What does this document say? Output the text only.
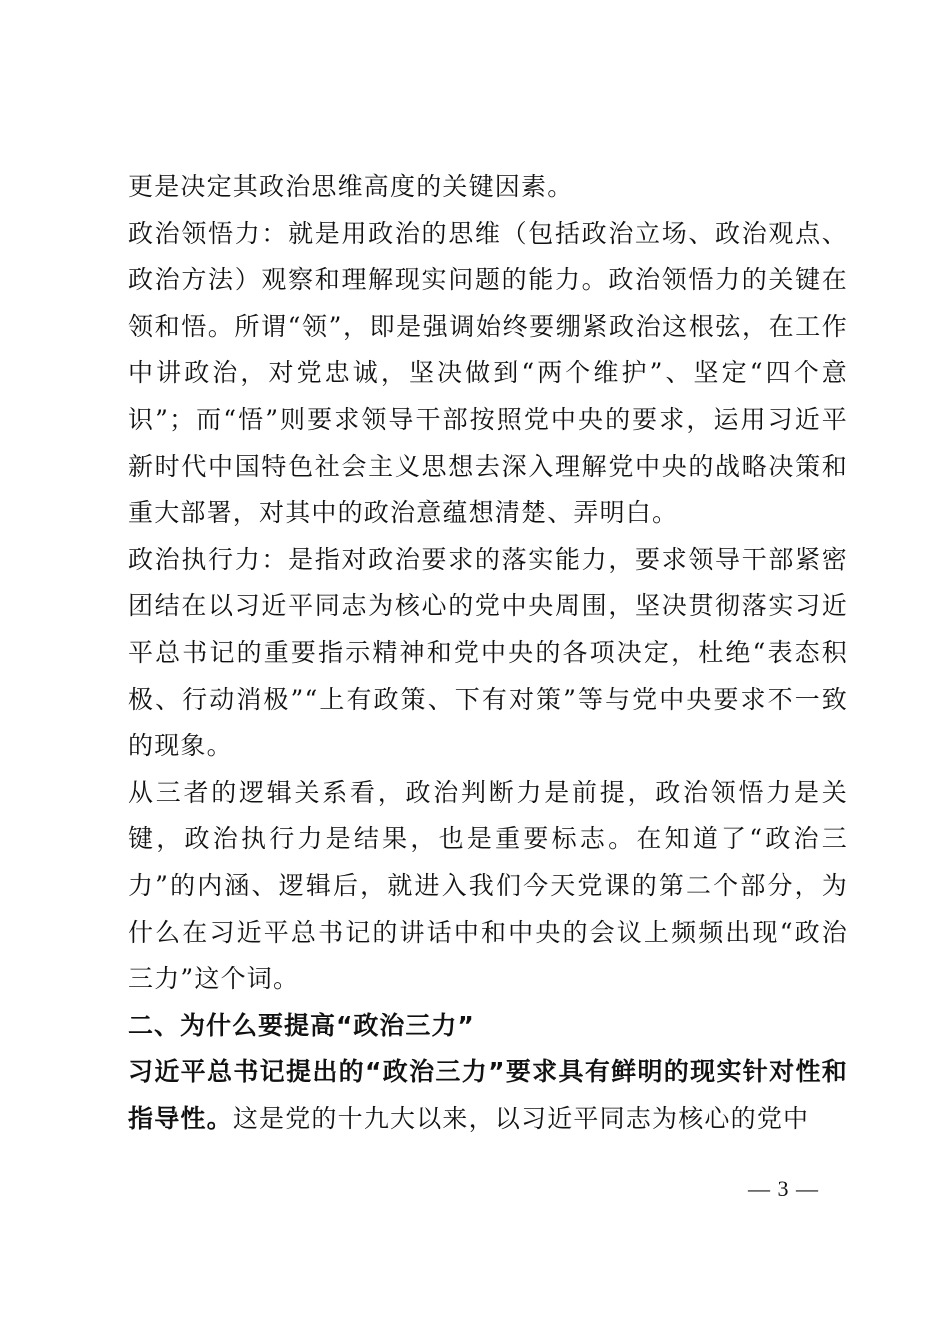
更是决定其政治思维高度的关键因素。

政治领悟力：就是用政治的思维（包括政治立场、政治观点、政治方法）观察和理解现实问题的能力。政治领悟力的关键在领和悟。所谓“领”，即是强调始终要绷紧政治这根弦，在工作中讲政治，对党忠诚，坚决做到“两个维护”、坚定“四个意识”；而“悟”则要求领导干部按照党中央的要求，运用习近平新时代中国特色社会主义思想去深入理解党中央的战略决策和重大部署，对其中的政治意蕴想清楚、弄明白。

政治执行力：是指对政治要求的落实能力，要求领导干部紧密团结在以习近平同志为核心的党中央周围，坚决贯彻落实习近平总书记的重要指示精神和党中央的各项决定，杜绝“表态积极、行动消极”“上有政策、下有对策”等与党中央要求不一致的现象。

从三者的逻辑关系看，政治判断力是前提，政治领悟力是关键，政治执行力是结果，也是重要标志。在知道了“政治三力”的内涵、逻辑后，就进入我们今天党课的第二个部分，为什么在习近平总书记的讲话中和中央的会议上频频出现“政治三力”这个词。

二、为什么要提高“政治三力”

习近平总书记提出的“政治三力”要求具有鲜明的现实针对性和指导性。这是党的十九大以来，以习近平同志为核心的党中

— 3 —
